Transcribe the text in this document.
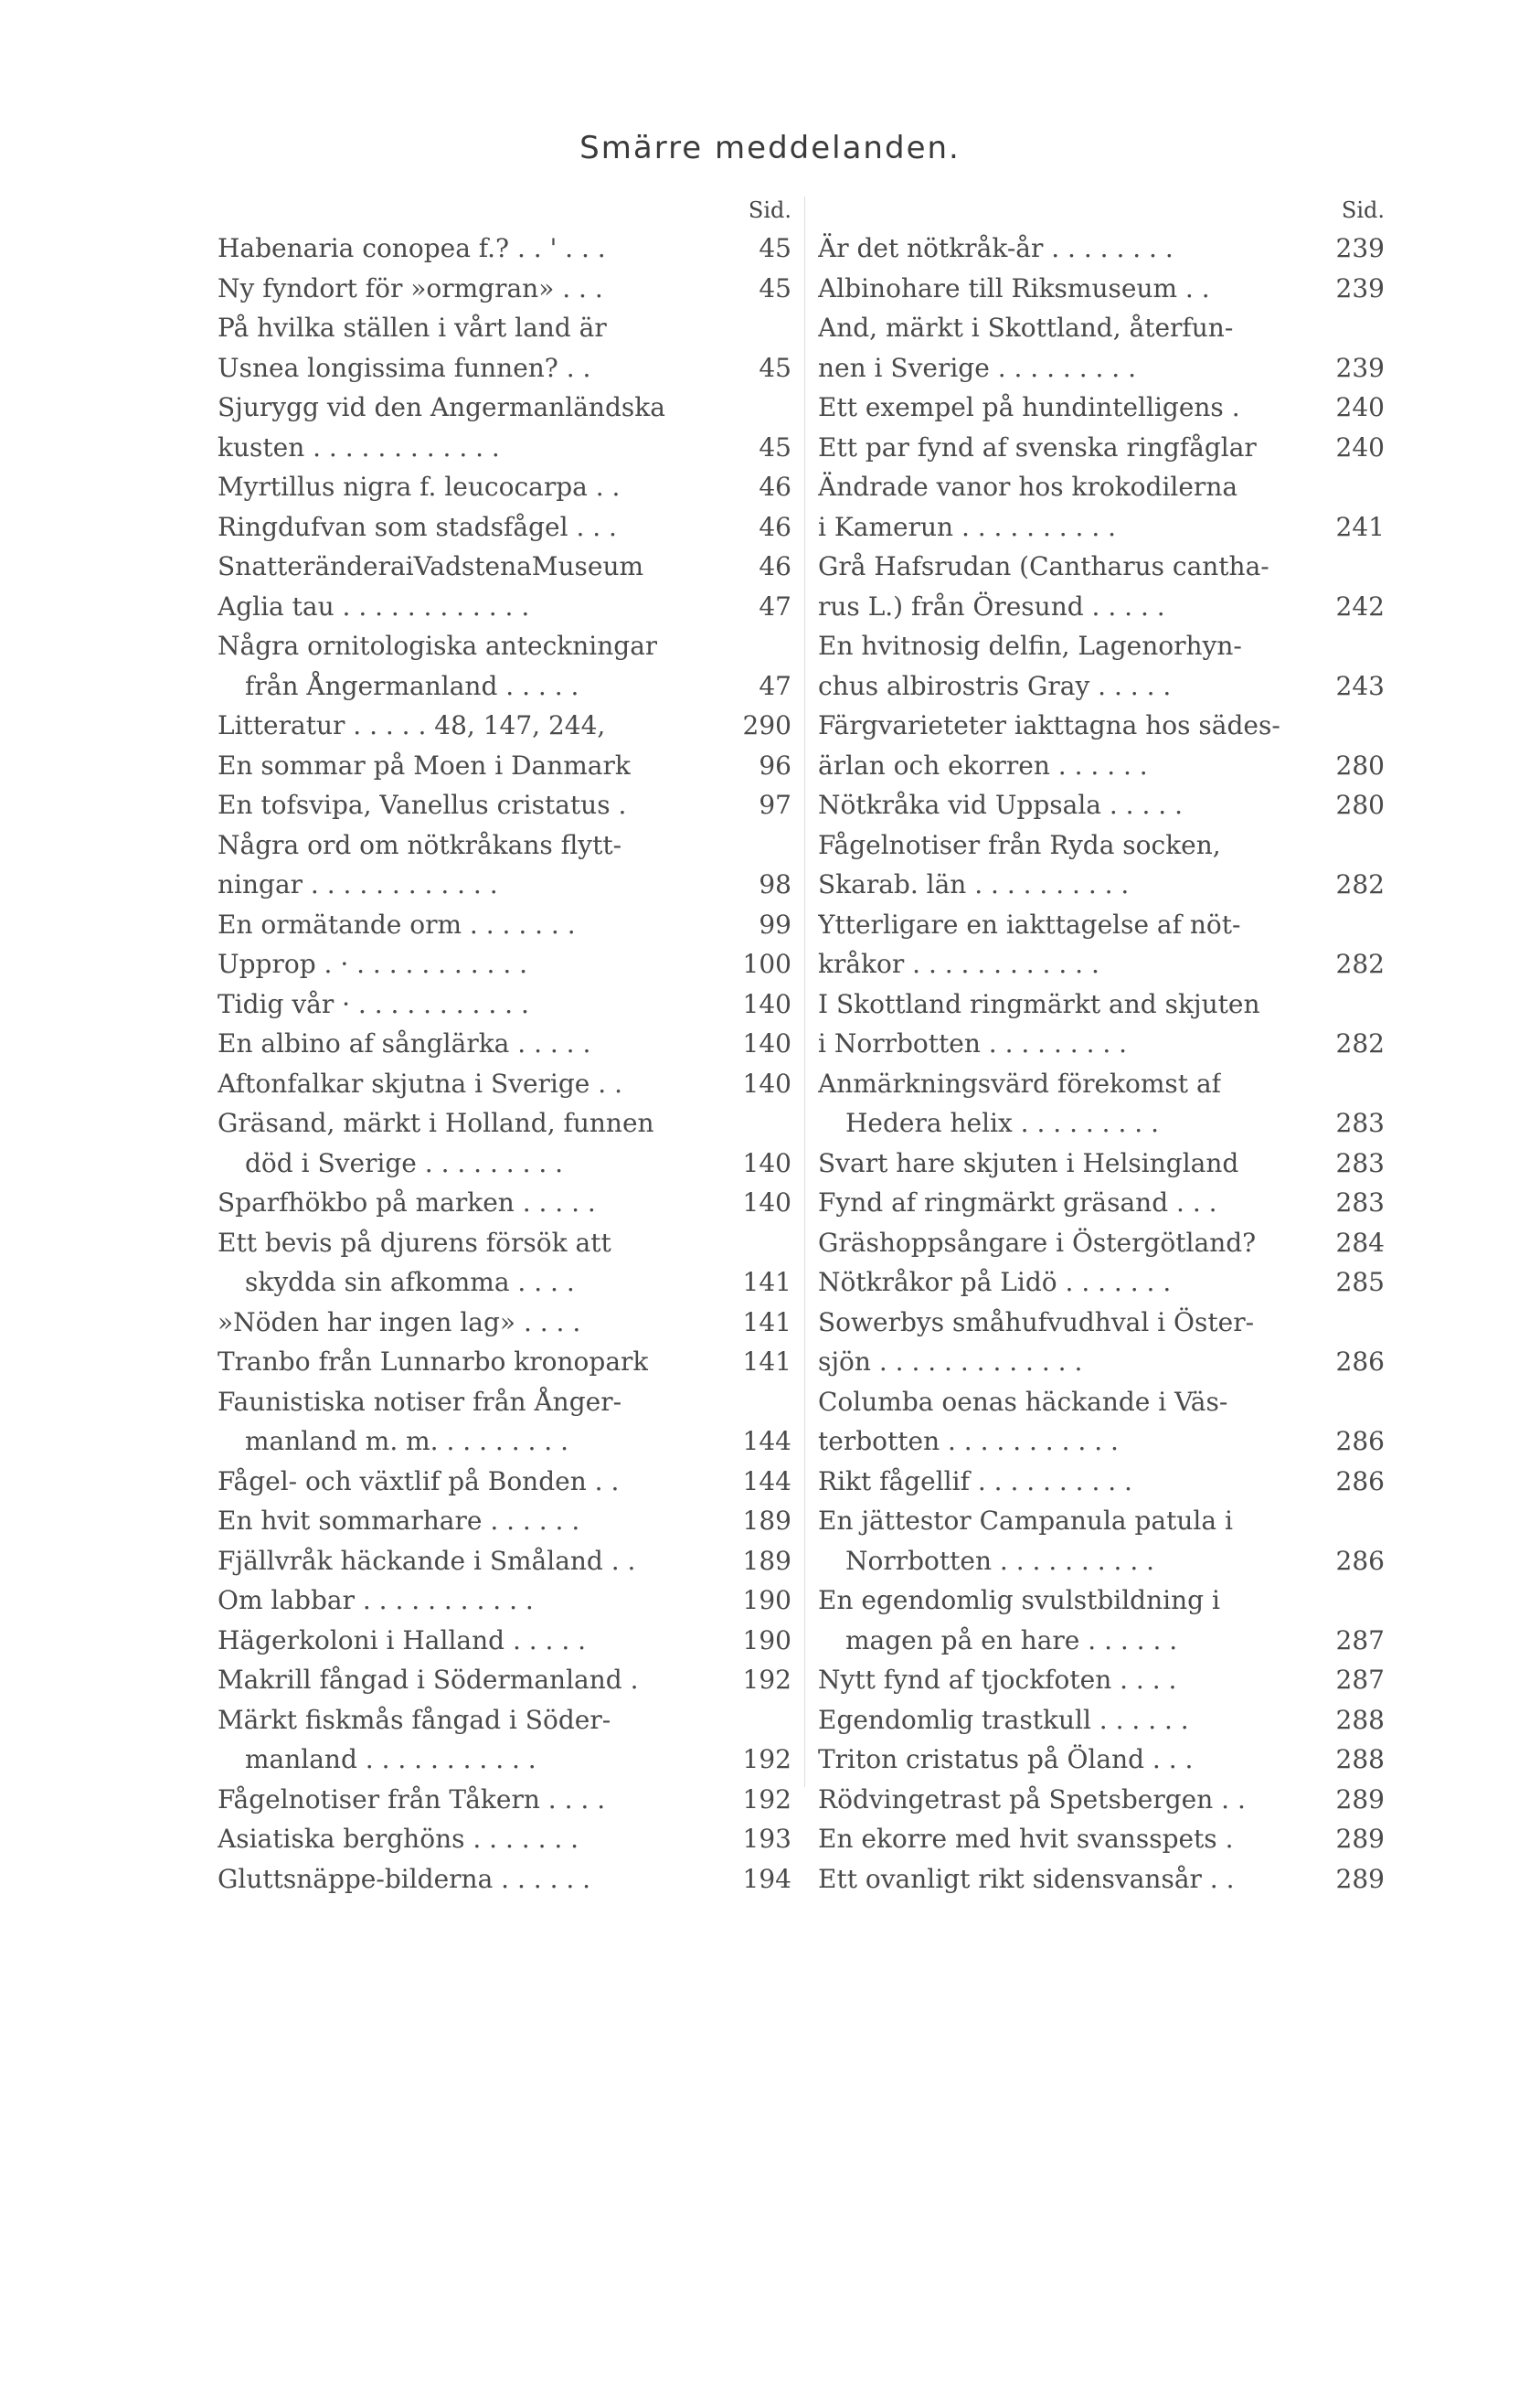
Smärre meddelanden.
Sid.
Habenaria conopea f.? . . ' . . .	45
Ny fyndort för »ormgran» . . .	45
På hvilka ställen i vårt land är
Usnea longissima funnen? . .	45
Sjurygg vid den Angermanländska
kusten . . . . . . . . . . . .	45
Myrtillus nigra f. leucocarpa . .	46
Ringdufvan som stadsfågel . . .	46
SnatteränderaiVadstenaMuseum	46
Aglia tau . . . . . . . . . . . .	47
Några ornitologiska anteckningar
från Ångermanland . . . . .	47
Litteratur . . . . . 48, 147, 244,	290
En sommar på Moen i Danmark	96
En tofsvipa, Vanellus cristatus .	97
Några ord om nötkråkans flytt-
ningar . . . . . . . . . . . .	98
En ormätande orm . . . . . . .	99
Upprop . · . . . . . . . . . . .	100
Tidig vår · . . . . . . . . . . .	140
En albino af sånglärka . . . . .	140
Aftonfalkar skjutna i Sverige . .	140
Gräsand, märkt i Holland, funnen
död i Sverige . . . . . . . . .	140
Sparfhökbo på marken . . . . .	140
Ett bevis på djurens försök att
skydda sin afkomma . . . .	141
»Nöden har ingen lag» . . . .	141
Tranbo från Lunnarbo kronopark	141
Faunistiska notiser från Ånger-
manland m. m. . . . . . . . .	144
Fågel- och växtlif på Bonden . .	144
En hvit sommarhare . . . . . .	189
Fjällvråk häckande i Småland . .	189
Om labbar . . . . . . . . . . .	190
Hägerkoloni i Halland . . . . .	190
Makrill fångad i Södermanland .	192
Märkt fiskmås fångad i Söder-
manland . . . . . . . . . . .	192
Fågelnotiser från Tåkern . . . .	192
Asiatiska berghöns . . . . . . .	193
Gluttsnäppe-bilderna . . . . . .	194
Sid.
Är det nötkråk-år . . . . . . . .	239
Albinohare till Riksmuseum . .	239
And, märkt i Skottland, återfun-
nen i Sverige . . . . . . . . .	239
Ett exempel på hundintelligens .	240
Ett par fynd af svenska ringfåglar	240
Ändrade vanor hos krokodilerna
i Kamerun . . . . . . . . . .	241
Grå Hafsrudan (Cantharus cantha-
rus L.) från Öresund . . . . .	242
En hvitnosig delfin, Lagenorhyn-
chus albirostris Gray . . . . .	243
Färgvarieteter iakttagna hos sädes-
ärlan och ekorren . . . . . .	280
Nötkråka vid Uppsala . . . . .	280
Fågelnotiser från Ryda socken,
Skarab. län . . . . . . . . . .	282
Ytterligare en iakttagelse af nöt-
kråkor . . . . . . . . . . . .	282
I Skottland ringmärkt and skjuten
i Norrbotten . . . . . . . . .	282
Anmärkningsvärd förekomst af
Hedera helix . . . . . . . . .	283
Svart hare skjuten i Helsingland	283
Fynd af ringmärkt gräsand . . .	283
Gräshoppsångare i Östergötland?	284
Nötkråkor på Lidö . . . . . . .	285
Sowerbys småhufvudhval i Öster-
sjön . . . . . . . . . . . . .	286
Columba oenas häckande i Väs-
terbotten . . . . . . . . . . .	286
Rikt fågellif . . . . . . . . . .	286
En jättestor Campanula patula i
Norrbotten . . . . . . . . . .	286
En egendomlig svulstbildning i
magen på en hare . . . . . .	287
Nytt fynd af tjockfoten . . . .	287
Egendomlig trastkull . . . . . .	288
Triton cristatus på Öland . . .	288
Rödvingetrast på Spetsbergen . .	289
En ekorre med hvit svansspets .	289
Ett ovanligt rikt sidensvansår . .	289
